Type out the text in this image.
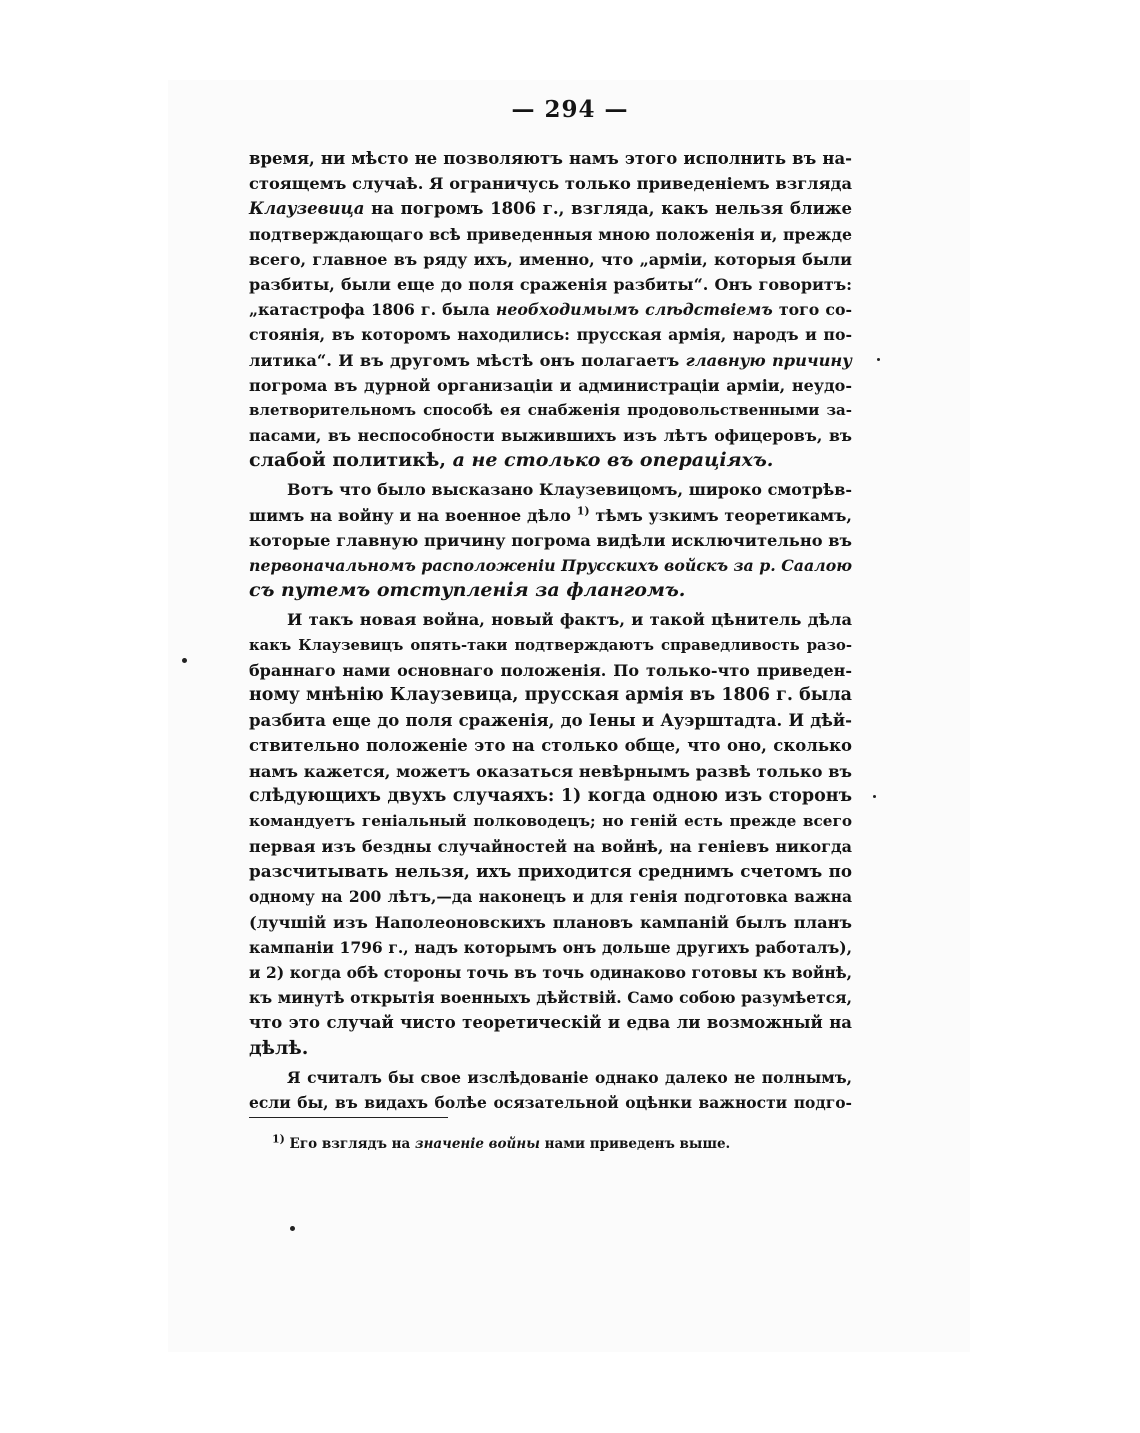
— 294 —
время, ни мѣсто не позволяютъ намъ этого исполнить въ на-
стоящемъ случаѣ. Я ограничусь только приведеніемъ взгляда
Клаузевица на погромъ 1806 г., взгляда, какъ нельзя ближе
подтверждающаго всѣ приведенныя мною положенія и, прежде
всего, главное въ ряду ихъ, именно, что „арміи, которыя были
разбиты, были еще до поля сраженія разбиты“. Онъ говоритъ:
„катастрофа 1806 г. была необходимымъ слѣдствіемъ того со-
стоянія, въ которомъ находились: прусская армія, народъ и по-
литика“. И въ другомъ мѣстѣ онъ полагаетъ главную причину
погрома въ дурной организаціи и администраціи арміи, неудо-
влетворительномъ способѣ ея снабженія продовольственными за-
пасами, въ неспособности выжившихъ изъ лѣтъ офицеровъ, въ
слабой политикѣ, а не столько въ операціяхъ.
Вотъ что было высказано Клаузевицомъ, широко смотрѣв-
шимъ на войну и на военное дѣло $^{1)}$ тѣмъ узкимъ теоретикамъ,
которые главную причину погрома видѣли исключительно въ
первоначальномъ расположеніи Прусскихъ войскъ за р. Саалою
съ путемъ отступленія за флангомъ.
И такъ новая война, новый фактъ, и такой цѣнитель дѣла
какъ Клаузевицъ опять-таки подтверждаютъ справедливость разо-
браннаго нами основнаго положенія. По только-что приведен-
ному мнѣнію Клаузевица, прусская армія въ 1806 г. была
разбита еще до поля сраженія, до Іены и Ауэрштадта. И дѣй-
ствительно положеніе это на столько обще, что оно, сколько
намъ кажется, можетъ оказаться невѣрнымъ развѣ только въ
слѣдующихъ двухъ случаяхъ: 1) когда одною изъ сторонъ
командуетъ геніальный полководецъ; но геній есть прежде всего
первая изъ бездны случайностей на войнѣ, на геніевъ никогда
разсчитывать нельзя, ихъ приходится среднимъ счетомъ по
одному на 200 лѣтъ,—да наконецъ и для генія подготовка важна
(лучшій изъ Наполеоновскихъ плановъ кампаній былъ планъ
кампаніи 1796 г., надъ которымъ онъ дольше другихъ работалъ),
и 2) когда обѣ стороны точь въ точь одинаково готовы къ войнѣ,
къ минутѣ открытія военныхъ дѣйствій. Само собою разумѣется,
что это случай чисто теоретическій и едва ли возможный на
дѣлѣ.
Я считалъ бы свое изслѣдованіе однако далеко не полнымъ,
если бы, въ видахъ болѣе осязательной оцѣнки важности подго-
$^{1)}$ Его взглядъ на значеніе войны нами приведенъ выше.
